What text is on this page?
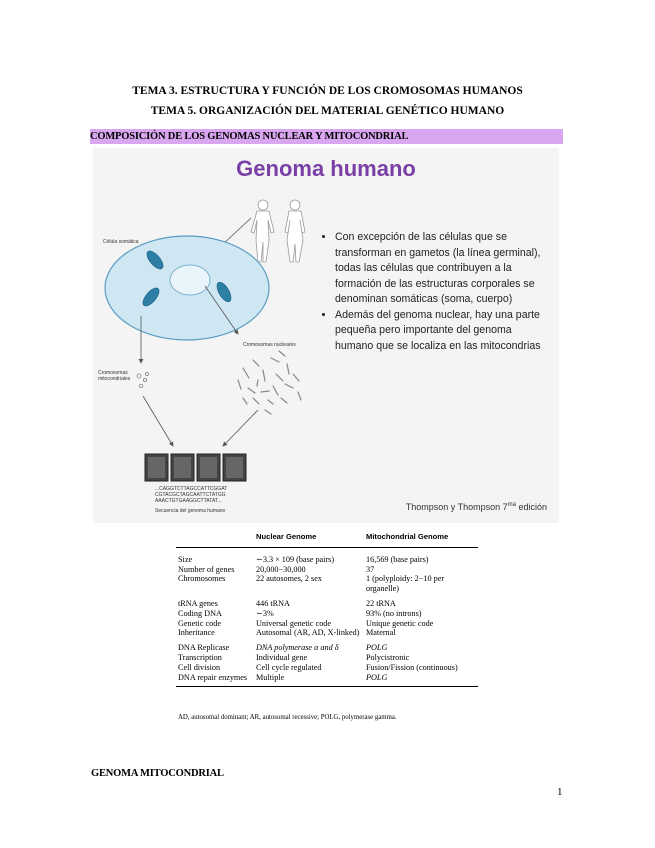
TEMA 3. ESTRUCTURA Y FUNCIÓN DE LOS CROMOSOMAS HUMANOS
TEMA 5. ORGANIZACIÓN DEL MATERIAL GENÉTICO HUMANO
COMPOSICIÓN DE LOS GENOMAS NUCLEAR Y MITOCONDRIAL
Genoma humano
Célula somática
Cromosomas nucleares
Cromosomas
mitocondriales
...CAGGTCTTAGCCATTCGGAT
CGTACGCTAGCAATTCTATGG
AAACTGTGAAGGCTTATAT...
Secuencia del genoma humano
• Con excepción de las células que se transforman en gametos (la línea germinal), todas las células que contribuyen a la formación de las estructuras corporales se denominan somáticas (soma, cuerpo)
• Además del genoma nuclear, hay una parte pequeña pero importante del genoma humano que se localiza en las mitocondrias
Thompson y Thompson $7^{ma}$ edición
	Nuclear Genome	Mitochondrial Genome
Size	∼3.3 × 109 (base pairs)	16,569 (base pairs)
Number of genes	20,000−30,000	37
Chromosomes	22 autosomes, 2 sex	1 (polyploidy: 2−10 per organelle)
tRNA genes	446 tRNA	22 tRNA
Coding DNA	∼3%	93% (no introns)
Genetic code	Universal genetic code	Unique genetic code
Inheritance	Autosomal (AR, AD, X-linked)	Maternal
DNA Replicase	DNA polymerase α and δ	POLG
Transcription	Individual gene	Polycistronic
Cell division	Cell cycle regulated	Fusion/Fission (continuous)
DNA repair enzymes	Multiple	POLG
AD, autosomal dominant; AR, autosomal recessive; POLG, polymerase gamma.
GENOMA MITOCONDRIAL
1
